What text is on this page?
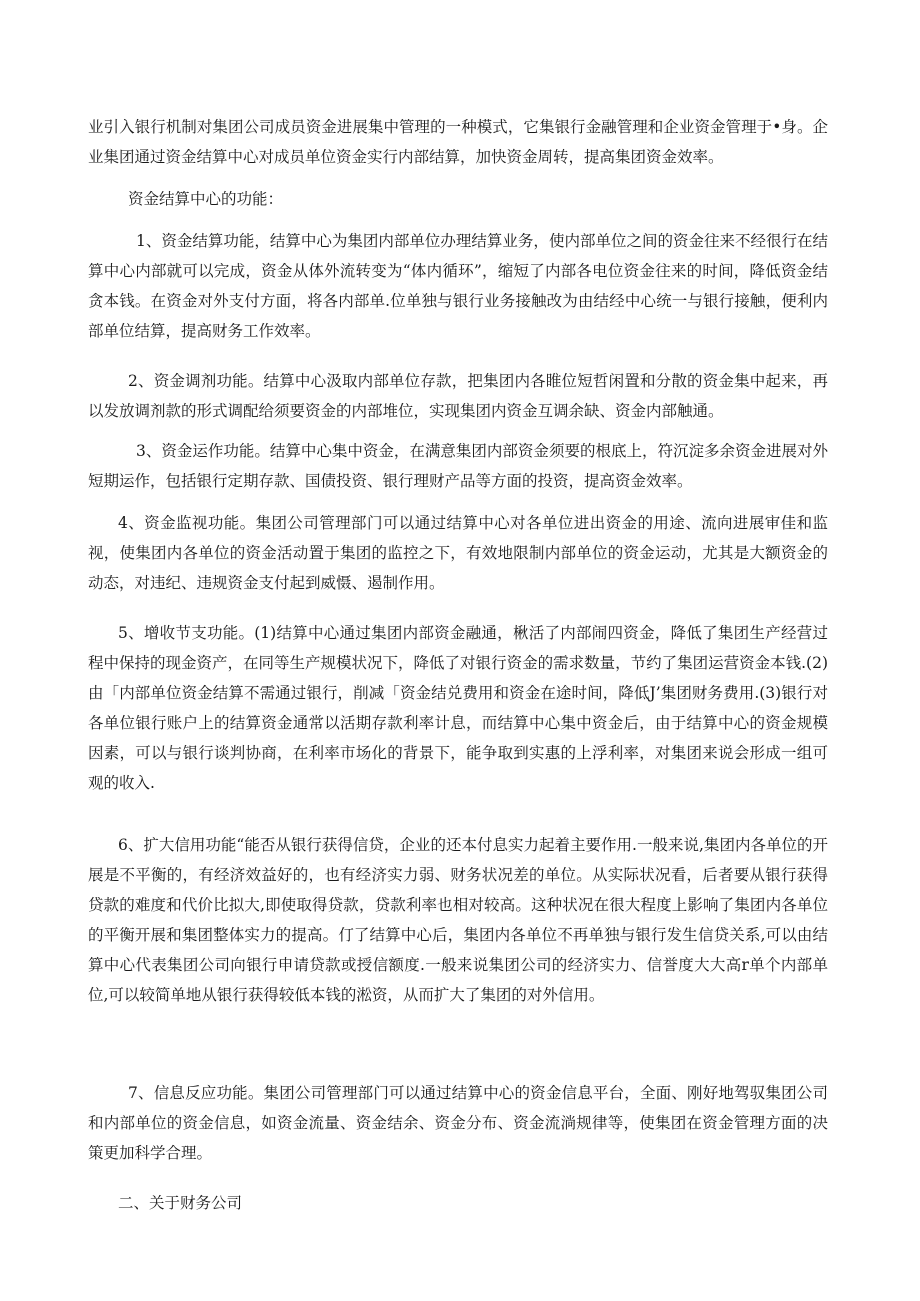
业引入银行机制对集团公司成员资金进展集中管理的一种模式，它集银行金融管理和企业资金管理于•身。企业集团通过资金结算中心对成员单位资金实行内部结算，加快资金周转，提高集团资金效率。

资金结算中心的功能：

1、资金结算功能，结算中心为集团内部单位办理结算业务，使内部单位之间的资金往来不经很行在结算中心内部就可以完成，资金从体外流转变为“体内循环”，缩短了内部各电位资金往来的时间，降低资金结贪本钱。在资金对外支付方面，将各内部单.位单独与银行业务接触改为由结经中心统一与银行接触，便利内部单位结算，提高财务工作效率。

2、资金调剂功能。结算中心汲取内部单位存款，把集团内各睢位短哲闲置和分散的资金集中起来，再以发放调剂款的形式调配给须要资金的内部堆位，实现集团内资金互调余缺、资金内部触通。

3、资金运作功能。结算中心集中资金，在满意集团内部资金须要的根底上，符沉淀多余资金进展对外短期运作，包括银行定期存款、国债投资、银行理财产品等方面的投资，提高资金效率。

4、资金监视功能。集团公司管理部门可以通过结算中心对各单位进出资金的用途、流向进展审佳和监视，使集团内各单位的资金活动置于集团的监控之下，有效地限制内部单位的资金运动，尤其是大额资金的动态，对违纪、违规资金支付起到威慑、遏制作用。

5、增收节支功能。(1)结算中心通过集团内部资金融通，楸活了内部闹四资金，降低了集团生产经营过程中保持的现金资产，在同等生产规模状况下，降低了对银行资金的需求数量，节约了集团运营资金本钱.(2)由「内部单位资金结算不需通过银行，削减「资金结兑费用和资金在途时间，降低J’集团财务费用.(3)银行对各单位银行账户上的结算资金通常以活期存款利率计息，而结算中心集中资金后，由于结算中心的资金规模因素，可以与银行谈判协商，在利率市场化的背景下，能争取到实惠的上浮利率，对集团来说会形成一组可观的收入.

6、扩大信用功能“能否从银行获得信贷，企业的还本付息实力起着主要作用.一般来说,集团内各单位的开展是不平衡的，有经济效益好的，也有经济实力弱、财务状况差的单位。从实际状况看，后者要从银行获得贷款的难度和代价比拟大,即使取得贷款，贷款利率也相对较高。这种状况在很大程度上影响了集团内各单位的平衡开展和集团整体实力的提高。仃了结算中心后，集团内各单位不再单独与银行发生信贷关系,可以由结算中心代表集团公司向银行申请贷款或授信额度.一般来说集团公司的经济实力、信誉度大大高r单个内部单位,可以较简单地从银行获得较低本钱的淞资，从而扩大了集团的对外信用。

7、信息反应功能。集团公司管理部门可以通过结算中心的资金信息平台，全面、刚好地驾驭集团公司和内部单位的资金信息，如资金流量、资金结余、资金分布、资金流淌规律等，使集团在资金管理方面的决策更加科学合理。

二、关于财务公司
